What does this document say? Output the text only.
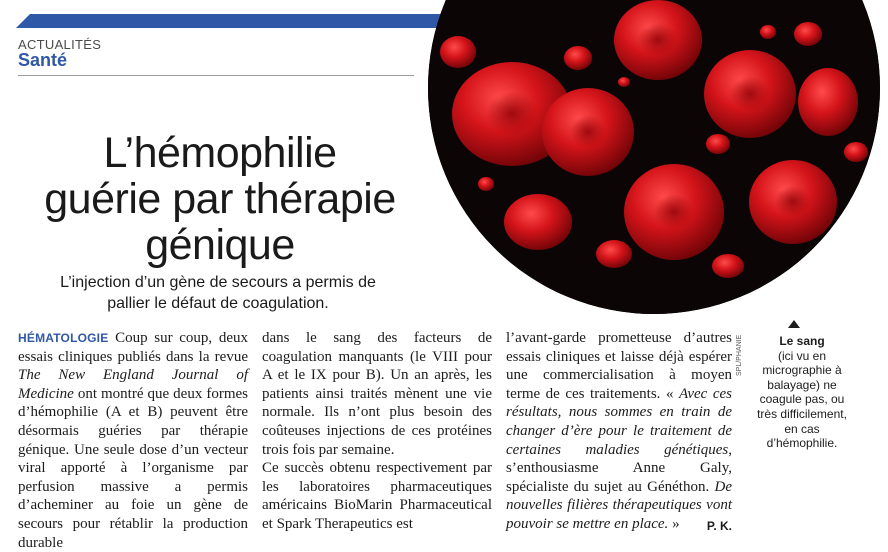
ACTUALITÉS
Santé
L’hémophilie
guérie par thérapie
génique

L’injection d’un gène de secours a permis de pallier le défaut de coagulation.

HÉMATOLOGIE Coup sur coup, deux essais cliniques publiés dans la revue The New England Journal of Medicine ont montré que deux formes d’hémophilie (A et B) peuvent être désormais guéries par thérapie génique. Une seule dose d’un vecteur viral apporté à l’organisme par perfusion massive a permis d’acheminer au foie un gène de secours pour rétablir la production durable

dans le sang des facteurs de coagulation manquants (le VIII pour A et le IX pour B). Un an après, les patients ainsi traités mènent une vie normale. Ils n’ont plus besoin des coûteuses injections de ces protéines trois fois par semaine.
Ce succès obtenu respectivement par les laboratoires pharmaceutiques américains BioMarin Pharmaceutical et Spark Therapeutics est

l’avant-garde prometteuse d’autres essais cliniques et laisse déjà espérer une commercialisation à moyen terme de ces traitements. « Avec ces résultats, nous sommes en train de changer d’ère pour le traitement de certaines maladies génétiques, s’enthousiasme Anne Galy, spécialiste du sujet au Généthon. De nouvelles filières thérapeutiques vont pouvoir se mettre en place. » P. K.

SPL/PHANIE	Le sang
(ici vu en micrographie à balayage) ne coagule pas, ou très difficilement, en cas d’hémophilie.
